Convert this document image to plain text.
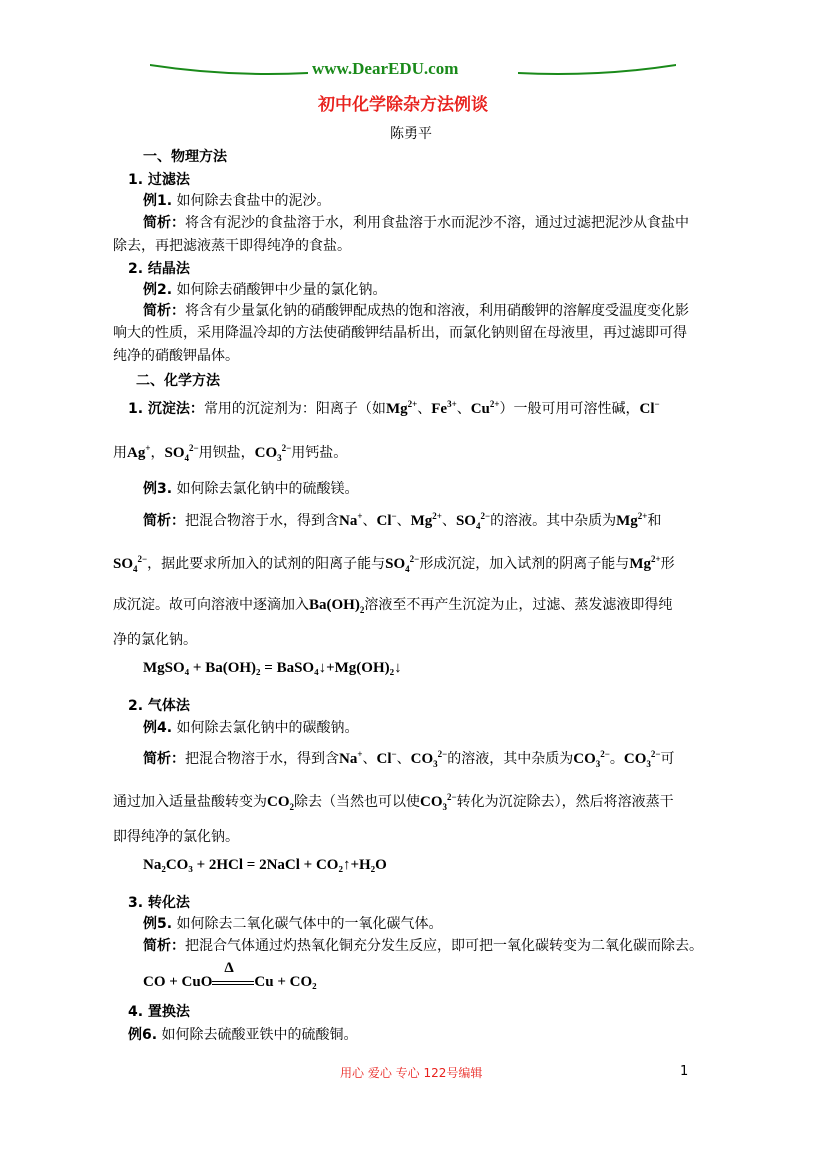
www.DearEDU.com
初中化学除杂方法例谈
陈勇平
一、物理方法
1. 过滤法
例1. 如何除去食盐中的泥沙。
简析：将含有泥沙的食盐溶于水，利用食盐溶于水而泥沙不溶，通过过滤把泥沙从食盐中
除去，再把滤液蒸干即得纯净的食盐。
2. 结晶法
例2. 如何除去硝酸钾中少量的氯化钠。
简析：将含有少量氯化钠的硝酸钾配成热的饱和溶液，利用硝酸钾的溶解度受温度变化影
响大的性质，采用降温冷却的方法使硝酸钾结晶析出，而氯化钠则留在母液里，再过滤即可得
纯净的硝酸钾晶体。
二、化学方法
1. 沉淀法：常用的沉淀剂为：阳离子（如$Mg^{2+}$、$Fe^{3+}$、$Cu^{2+}$）一般可用可溶性碱，Cl−
用Ag+，$SO_4^{2-}$用钡盐，$CO_3^{2-}$用钙盐。
例3. 如何除去氯化钠中的硫酸镁。
简析：把混合物溶于水，得到含Na+、Cl−、$Mg^{2+}$、$SO_4^{2-}$的溶液。其中杂质为$Mg^{2+}$和
$SO_4^{2-}$，据此要求所加入的试剂的阳离子能与$SO_4^{2-}$形成沉淀，加入试剂的阴离子能与$Mg^{2+}$形
成沉淀。故可向溶液中逐滴加入$Ba(OH)_2$溶液至不再产生沉淀为止，过滤、蒸发滤液即得纯
净的氯化钠。
MgSO₄ + Ba(OH)₂ = BaSO₄↓+Mg(OH)₂↓
2. 气体法
例4. 如何除去氯化钠中的碳酸钠。
简析：把混合物溶于水，得到含Na+、Cl−、$CO_3^{2-}$的溶液，其中杂质为$CO_3^{2-}$。$CO_3^{2-}$可
通过加入适量盐酸转变为$CO_2$除去（当然也可以使$CO_3^{2-}$转化为沉淀除去），然后将溶液蒸干
即得纯净的氯化钠。
Na₂CO₃ + 2HCl = 2NaCl + CO₂↑+H₂O
3. 转化法
例5. 如何除去二氧化碳气体中的一氧化碳气体。
简析：把混合气体通过灼热氧化铜充分发生反应，即可把一氧化碳转变为二氧化碳而除去。
CO + CuO
Δ
Cu + CO₂
4. 置换法
例6. 如何除去硫酸亚铁中的硫酸铜。
用心 爱心 专心 122号编辑	1
